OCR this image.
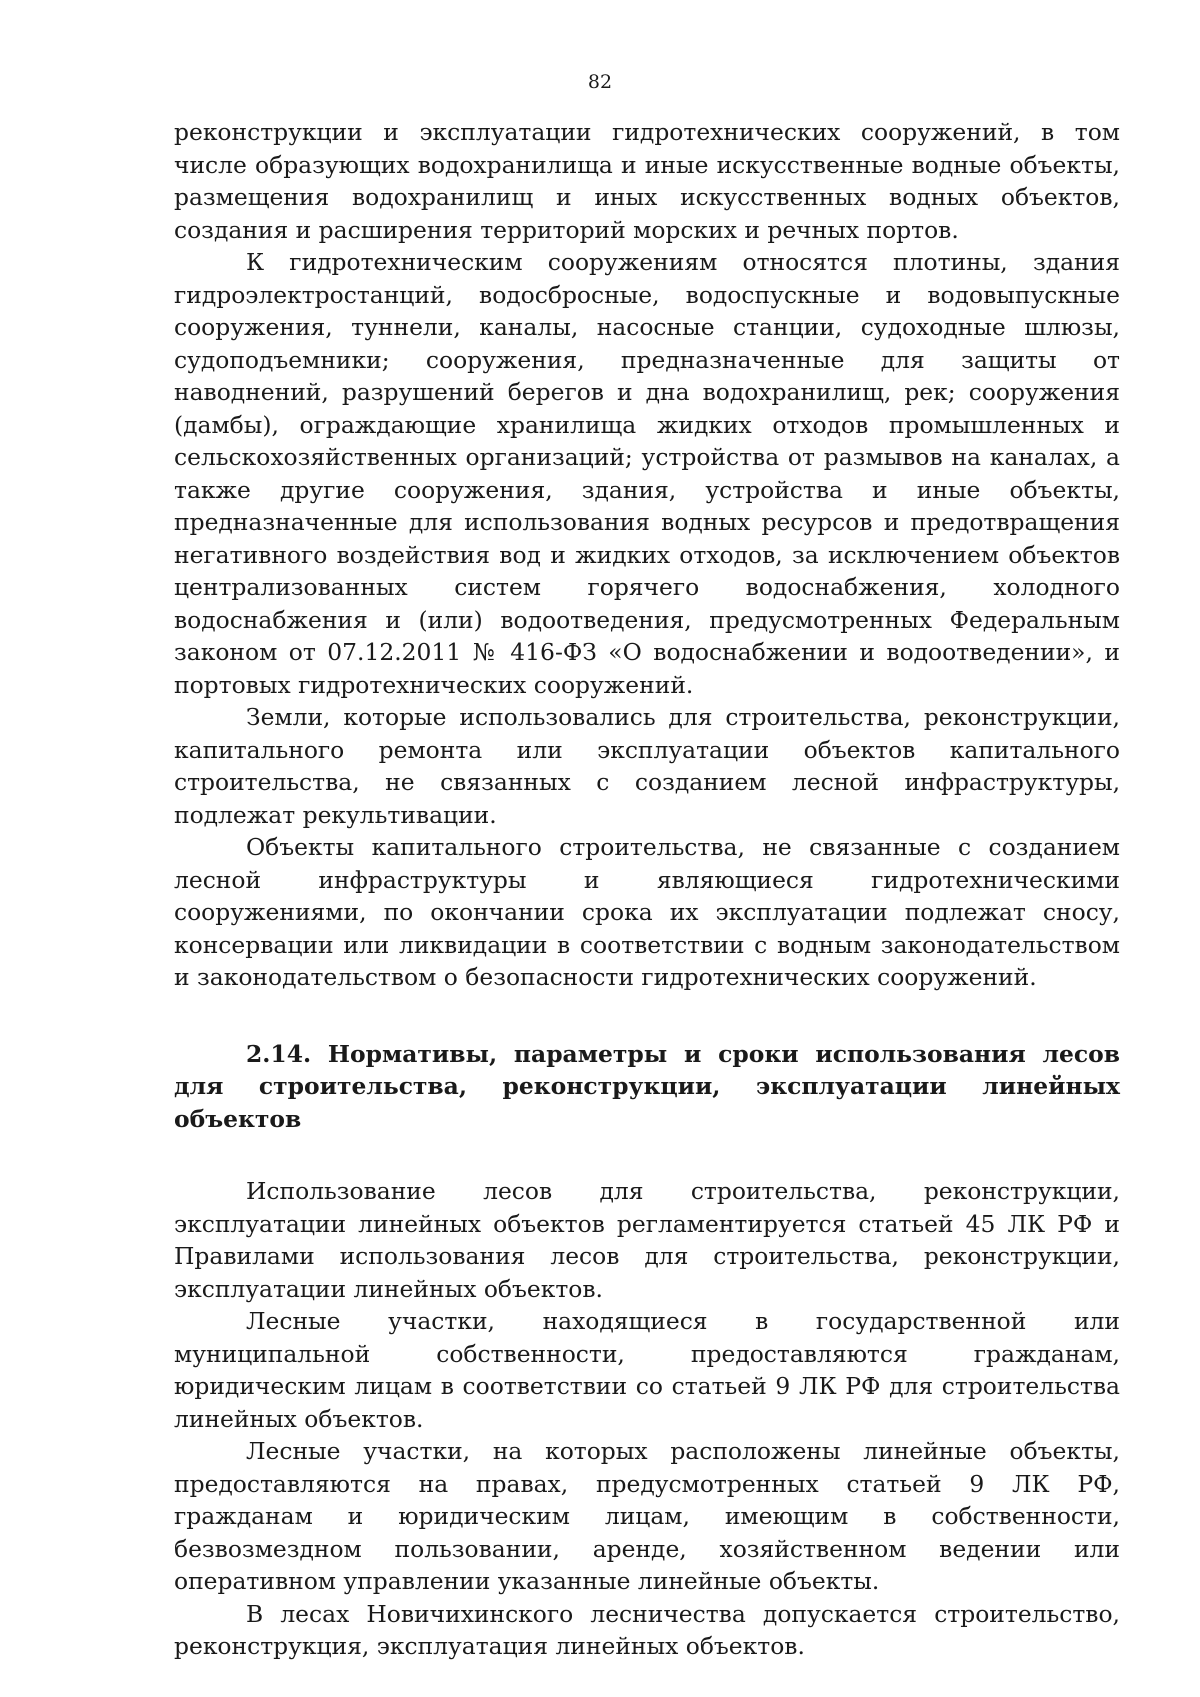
82

реконструкции и эксплуатации гидротехнических сооружений, в том числе образующих водохранилища и иные искусственные водные объекты, размещения водохранилищ и иных искусственных водных объектов, создания и расширения территорий морских и речных портов.

К гидротехническим сооружениям относятся плотины, здания гидроэлектростанций, водосбросные, водоспускные и водовыпускные сооружения, туннели, каналы, насосные станции, судоходные шлюзы, судоподъемники; сооружения, предназначенные для защиты от наводнений, разрушений берегов и дна водохранилищ, рек; сооружения (дамбы), ограждающие хранилища жидких отходов промышленных и сельскохозяйственных организаций; устройства от размывов на каналах, а также другие сооружения, здания, устройства и иные объекты, предназначенные для использования водных ресурсов и предотвращения негативного воздействия вод и жидких отходов, за исключением объектов централизованных систем горячего водоснабжения, холодного водоснабжения и (или) водоотведения, предусмотренных Федеральным законом от 07.12.2011 № 416-ФЗ «О водоснабжении и водоотведении», и портовых гидротехнических сооружений.

Земли, которые использовались для строительства, реконструкции, капитального ремонта или эксплуатации объектов капитального строительства, не связанных с созданием лесной инфраструктуры, подлежат рекультивации.

Объекты капитального строительства, не связанные с созданием лесной инфраструктуры и являющиеся гидротехническими сооружениями, по окончании срока их эксплуатации подлежат сносу, консервации или ликвидации в соответствии с водным законодательством и законодательством о безопасности гидротехнических сооружений.

2.14. Нормативы, параметры и сроки использования лесов для строительства, реконструкции, эксплуатации линейных объектов

Использование лесов для строительства, реконструкции, эксплуатации линейных объектов регламентируется статьей 45 ЛК РФ и Правилами использования лесов для строительства, реконструкции, эксплуатации линейных объектов.

Лесные участки, находящиеся в государственной или муниципальной собственности, предоставляются гражданам, юридическим лицам в соответствии со статьей 9 ЛК РФ для строительства линейных объектов.

Лесные участки, на которых расположены линейные объекты, предоставляются на правах, предусмотренных статьей 9 ЛК РФ, гражданам и юридическим лицам, имеющим в собственности, безвозмездном пользовании, аренде, хозяйственном ведении или оперативном управлении указанные линейные объекты.

В лесах Новичихинского лесничества допускается строительство, реконструкция, эксплуатация линейных объектов.
